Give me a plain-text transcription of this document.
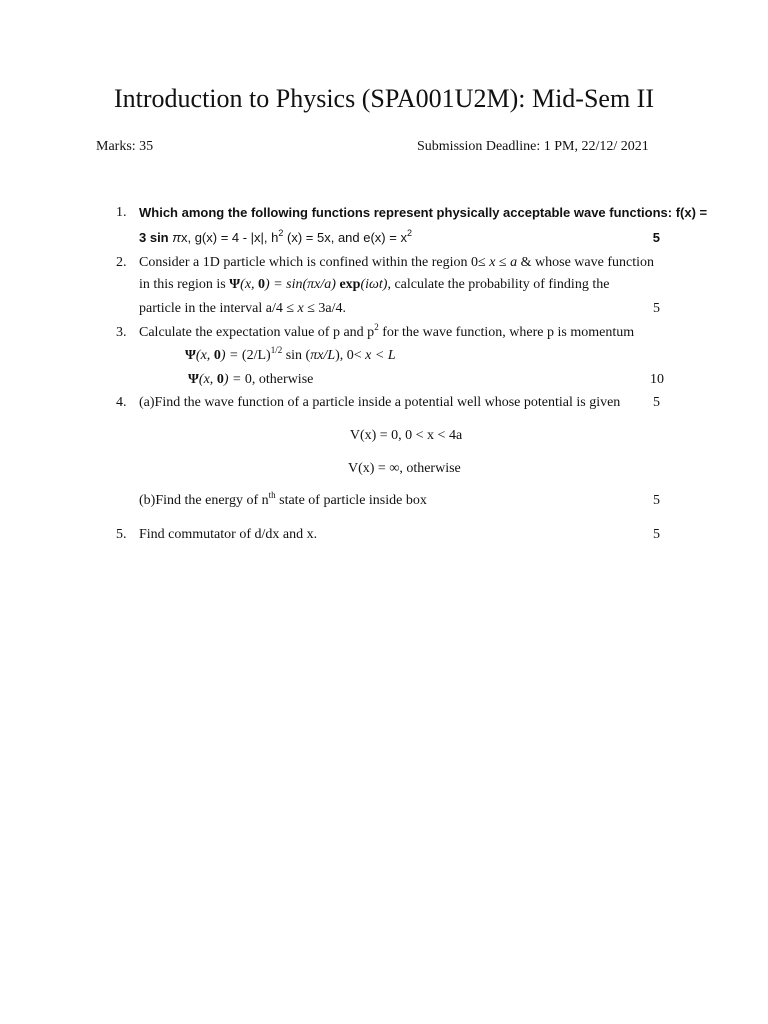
Introduction to Physics (SPA001U2M): Mid-Sem II
Marks: 35	Submission Deadline: 1 PM, 22/12/ 2021
1. Which among the following functions represent physically acceptable wave functions: f(x) =
3 sin πx, g(x) = 4 - |x|, $h^2$ (x) = 5x, and $e(x) = x^2$	5
2. Consider a 1D particle which is confined within the region 0≤ x ≤ a & whose wave function
in this region is Ψ(x, 0) = sin(πx/a) exp(iωt), calculate the probability of finding the
particle in the interval a/4 ≤ x ≤ 3a/4.	5
3. Calculate the expectation value of p and $p^2$ for the wave function, where p is momentum
Ψ(x, $0) = (2/L)^{1/2}$ sin (πx/L), 0< x < L
Ψ(x, 0) = 0, otherwise	10
4. (a)Find the wave function of a particle inside a potential well whose potential is given	5
V(x) = 0, 0 < x < 4a
V(x) = ∞, otherwise
(b)Find the energy of $n^{th}$ state of particle inside box	5
5. Find commutator of d/dx and x.	5
